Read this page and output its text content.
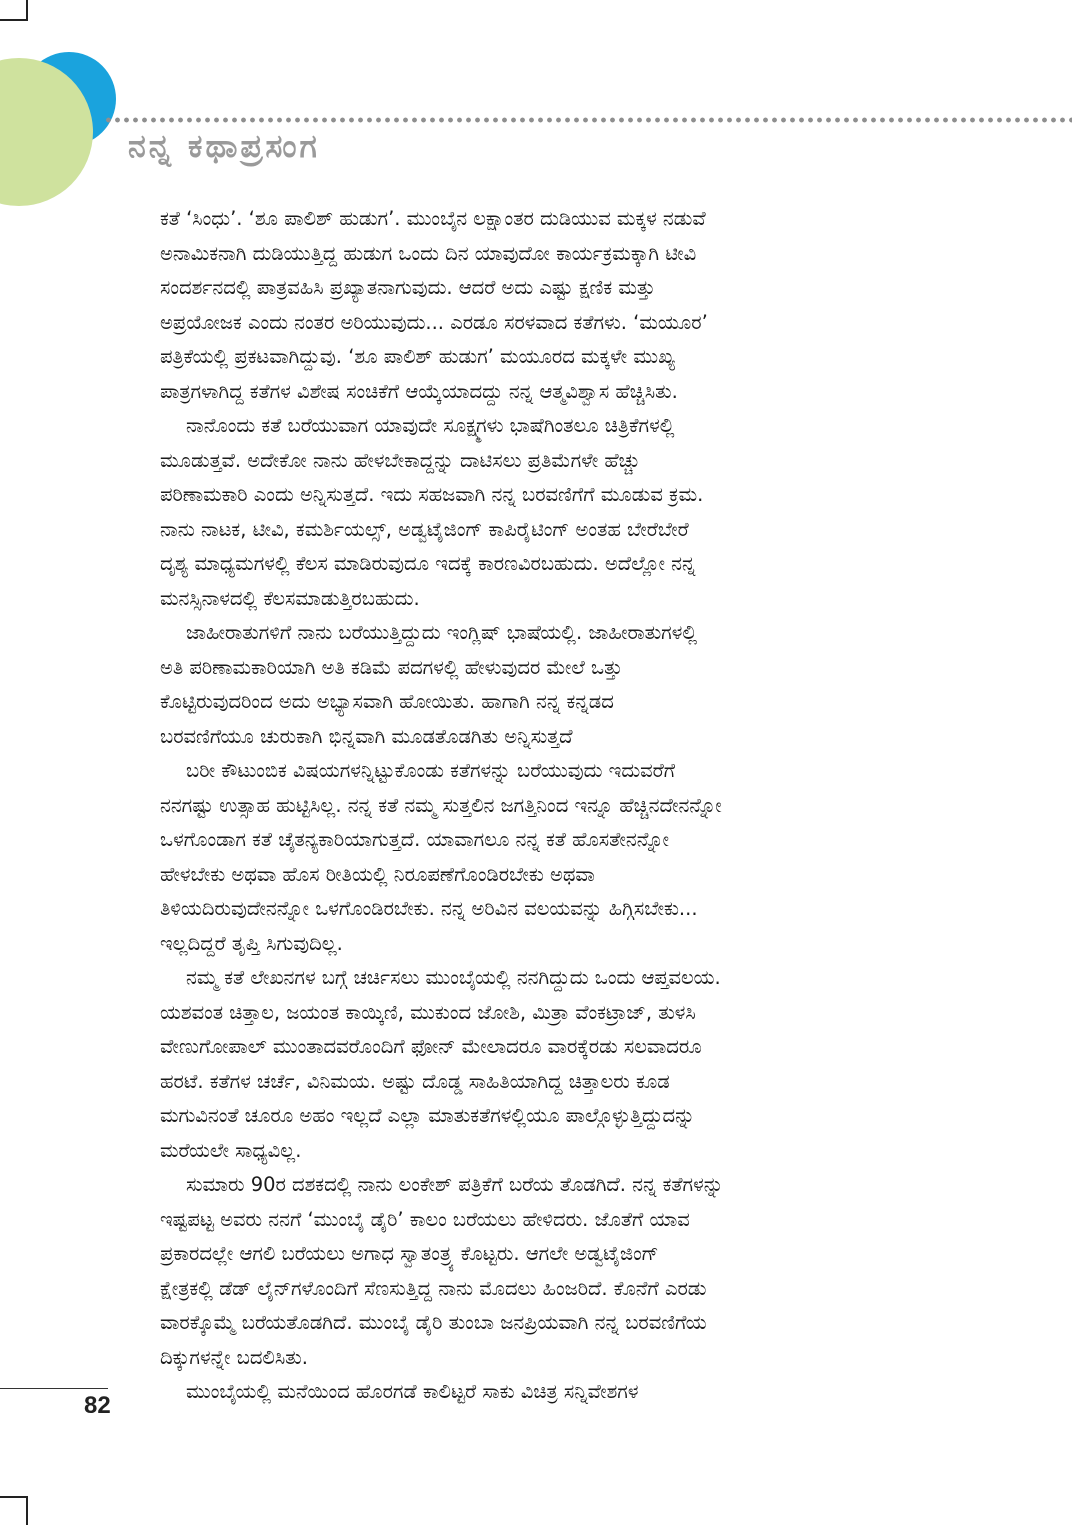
ನನ್ನ ಕಥಾಪ್ರಸಂಗ
ಕತೆ ‘ಸಿಂಧು’. ‘ಶೂ ಪಾಲಿಶ್ ಹುಡುಗ’. ಮುಂಬೈನ ಲಕ್ಷಾಂತರ ದುಡಿಯುವ ಮಕ್ಕಳ ನಡುವೆ
ಅನಾಮಿಕನಾಗಿ ದುಡಿಯುತ್ತಿದ್ದ ಹುಡುಗ ಒಂದು ದಿನ ಯಾವುದೋ ಕಾರ್ಯಕ್ರಮಕ್ಕಾಗಿ ಟೀವಿ
ಸಂದರ್ಶನದಲ್ಲಿ ಪಾತ್ರವಹಿಸಿ ಪ್ರಖ್ಯಾತನಾಗುವುದು. ಆದರೆ ಅದು ಎಷ್ಟು ಕ್ಷಣಿಕ ಮತ್ತು
ಅಪ್ರಯೋಜಕ ಎಂದು ನಂತರ ಅರಿಯುವುದು... ಎರಡೂ ಸರಳವಾದ ಕತೆಗಳು. ‘ಮಯೂರ’
ಪತ್ರಿಕೆಯಲ್ಲಿ ಪ್ರಕಟವಾಗಿದ್ದುವು. ‘ಶೂ ಪಾಲಿಶ್ ಹುಡುಗ’ ಮಯೂರದ ಮಕ್ಕಳೇ ಮುಖ್ಯ
ಪಾತ್ರಗಳಾಗಿದ್ದ ಕತೆಗಳ ವಿಶೇಷ ಸಂಚಿಕೆಗೆ ಆಯ್ಕೆಯಾದದ್ದು ನನ್ನ ಆತ್ಮವಿಶ್ವಾಸ ಹೆಚ್ಚಿಸಿತು.
ನಾನೊಂದು ಕತೆ ಬರೆಯುವಾಗ ಯಾವುದೇ ಸೂಕ್ಷ್ಮಗಳು ಭಾಷೆಗಿಂತಲೂ ಚಿತ್ರಿಕೆಗಳಲ್ಲಿ
ಮೂಡುತ್ತವೆ. ಅದೇಕೋ ನಾನು ಹೇಳಬೇಕಾದ್ದನ್ನು ದಾಟಿಸಲು ಪ್ರತಿಮೆಗಳೇ ಹೆಚ್ಚು
ಪರಿಣಾಮಕಾರಿ ಎಂದು ಅನ್ನಿಸುತ್ತದೆ. ಇದು ಸಹಜವಾಗಿ ನನ್ನ ಬರವಣಿಗೆಗೆ ಮೂಡುವ ಕ್ರಮ.
ನಾನು ನಾಟಕ, ಟೀವಿ, ಕಮರ್ಶಿಯಲ್ಸ್, ಅಡ್ವಟೈಜಿಂಗ್ ಕಾಪಿರೈಟಿಂಗ್ ಅಂತಹ ಬೇರೆಬೇರೆ
ದೃಶ್ಯ ಮಾಧ್ಯಮಗಳಲ್ಲಿ ಕೆಲಸ ಮಾಡಿರುವುದೂ ಇದಕ್ಕೆ ಕಾರಣವಿರಬಹುದು. ಅದೆಲ್ಲೋ ನನ್ನ
ಮನಸ್ಸಿನಾಳದಲ್ಲಿ ಕೆಲಸಮಾಡುತ್ತಿರಬಹುದು.
ಜಾಹೀರಾತುಗಳಿಗೆ ನಾನು ಬರೆಯುತ್ತಿದ್ದುದು ಇಂಗ್ಲಿಷ್ ಭಾಷೆಯಲ್ಲಿ. ಜಾಹೀರಾತುಗಳಲ್ಲಿ
ಅತಿ ಪರಿಣಾಮಕಾರಿಯಾಗಿ ಅತಿ ಕಡಿಮೆ ಪದಗಳಲ್ಲಿ ಹೇಳುವುದರ ಮೇಲೆ ಒತ್ತು
ಕೊಟ್ಟಿರುವುದರಿಂದ ಅದು ಅಭ್ಯಾಸವಾಗಿ ಹೋಯಿತು. ಹಾಗಾಗಿ ನನ್ನ ಕನ್ನಡದ
ಬರವಣಿಗೆಯೂ ಚುರುಕಾಗಿ ಭಿನ್ನವಾಗಿ ಮೂಡತೊಡಗಿತು ಅನ್ನಿಸುತ್ತದೆ
ಬರೀ ಕೌಟುಂಬಿಕ ವಿಷಯಗಳನ್ನಿಟ್ಟುಕೊಂಡು ಕತೆಗಳನ್ನು ಬರೆಯುವುದು ಇದುವರೆಗೆ
ನನಗಷ್ಟು ಉತ್ಸಾಹ ಹುಟ್ಟಿಸಿಲ್ಲ. ನನ್ನ ಕತೆ ನಮ್ಮ ಸುತ್ತಲಿನ ಜಗತ್ತಿನಿಂದ ಇನ್ನೂ ಹೆಚ್ಚಿನದೇನನ್ನೋ
ಒಳಗೊಂಡಾಗ ಕತೆ ಚೈತನ್ಯಕಾರಿಯಾಗುತ್ತದೆ. ಯಾವಾಗಲೂ ನನ್ನ ಕತೆ ಹೊಸತೇನನ್ನೋ
ಹೇಳಬೇಕು ಅಥವಾ ಹೊಸ ರೀತಿಯಲ್ಲಿ ನಿರೂಪಣೆಗೊಂಡಿರಬೇಕು ಅಥವಾ
ತಿಳಿಯದಿರುವುದೇನನ್ನೋ ಒಳಗೊಂಡಿರಬೇಕು. ನನ್ನ ಅರಿವಿನ ವಲಯವನ್ನು ಹಿಗ್ಗಿಸಬೇಕು...
ಇಲ್ಲದಿದ್ದರೆ ತೃಪ್ತಿ ಸಿಗುವುದಿಲ್ಲ.
ನಮ್ಮ ಕತೆ ಲೇಖನಗಳ ಬಗ್ಗೆ ಚರ್ಚಿಸಲು ಮುಂಬೈಯಲ್ಲಿ ನನಗಿದ್ದುದು ಒಂದು ಆಪ್ತವಲಯ.
ಯಶವಂತ ಚಿತ್ತಾಲ, ಜಯಂತ ಕಾಯ್ಕಿಣಿ, ಮುಕುಂದ ಜೋಶಿ, ಮಿತ್ರಾ ವೆಂಕಟ್ರಾಜ್, ತುಳಸಿ
ವೇಣುಗೋಪಾಲ್ ಮುಂತಾದವರೊಂದಿಗೆ ಫೋನ್ ಮೇಲಾದರೂ ವಾರಕ್ಕೆರಡು ಸಲವಾದರೂ
ಹರಟೆ. ಕತೆಗಳ ಚರ್ಚೆ, ವಿನಿಮಯ. ಅಷ್ಟು ದೊಡ್ಡ ಸಾಹಿತಿಯಾಗಿದ್ದ ಚಿತ್ತಾಲರು ಕೂಡ
ಮಗುವಿನಂತೆ ಚೂರೂ ಅಹಂ ಇಲ್ಲದೆ ಎಲ್ಲಾ ಮಾತುಕತೆಗಳಲ್ಲಿಯೂ ಪಾಲ್ಗೊಳ್ಳುತ್ತಿದ್ದುದನ್ನು
ಮರೆಯಲೇ ಸಾಧ್ಯವಿಲ್ಲ.
ಸುಮಾರು 90ರ ದಶಕದಲ್ಲಿ ನಾನು ಲಂಕೇಶ್ ಪತ್ರಿಕೆಗೆ ಬರೆಯ ತೊಡಗಿದೆ. ನನ್ನ ಕತೆಗಳನ್ನು
ಇಷ್ಟಪಟ್ಟ ಅವರು ನನಗೆ ‘ಮುಂಬೈ ಡೈರಿ’ ಕಾಲಂ ಬರೆಯಲು ಹೇಳಿದರು. ಜೊತೆಗೆ ಯಾವ
ಪ್ರಕಾರದಲ್ಲೇ ಆಗಲಿ ಬರೆಯಲು ಅಗಾಧ ಸ್ವಾತಂತ್ರ್ಯ ಕೊಟ್ಟರು. ಆಗಲೇ ಅಡ್ವಟೈಜಿಂಗ್
ಕ್ಷೇತ್ರಕಲ್ಲಿ ಡೆಡ್ ಲೈನ್‌ಗಳೊಂದಿಗೆ ಸೆಣಸುತ್ತಿದ್ದ ನಾನು ಮೊದಲು ಹಿಂಜರಿದೆ. ಕೊನೆಗೆ ಎರಡು
ವಾರಕ್ಕೊಮ್ಮೆ ಬರೆಯತೊಡಗಿದೆ. ಮುಂಬೈ ಡೈರಿ ತುಂಬಾ ಜನಪ್ರಿಯವಾಗಿ ನನ್ನ ಬರವಣಿಗೆಯ
ದಿಕ್ಕುಗಳನ್ನೇ ಬದಲಿಸಿತು.
ಮುಂಬೈಯಲ್ಲಿ ಮನೆಯಿಂದ ಹೊರಗಡೆ ಕಾಲಿಟ್ಟರೆ ಸಾಕು ವಿಚಿತ್ರ ಸನ್ನಿವೇಶಗಳ
82
